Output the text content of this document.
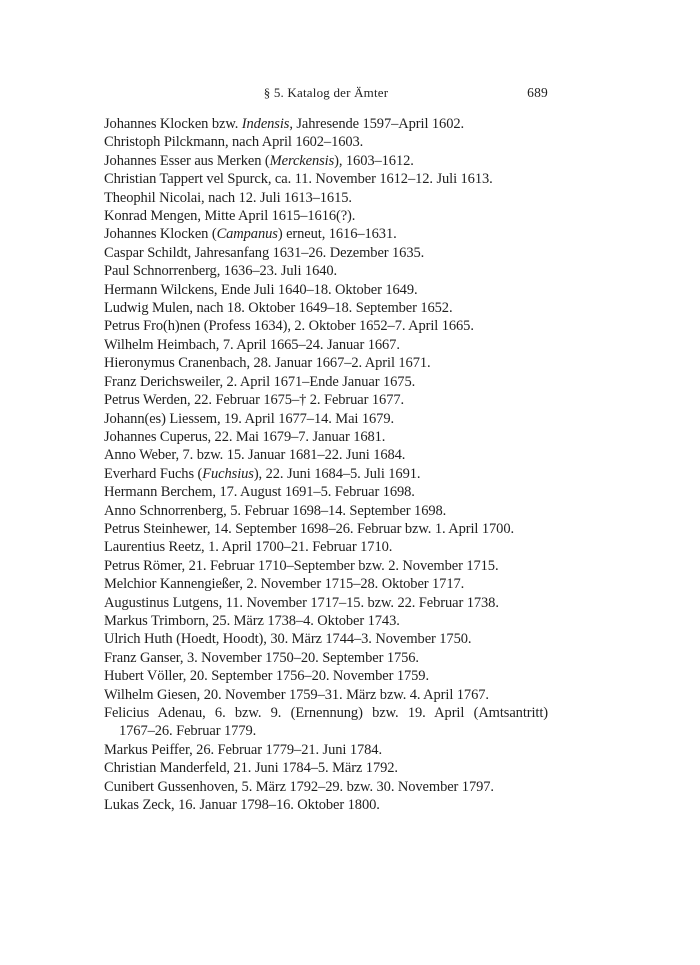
§ 5. Katalog der Ämter	689

Johannes Klocken bzw. Indensis, Jahresende 1597–April 1602.

Christoph Pilckmann, nach April 1602–1603.

Johannes Esser aus Merken (Merckensis), 1603–1612.

Christian Tappert vel Spurck, ca. 11. November 1612–12. Juli 1613.

Theophil Nicolai, nach 12. Juli 1613–1615.

Konrad Mengen, Mitte April 1615–1616(?).

Johannes Klocken (Campanus) erneut, 1616–1631.

Caspar Schildt, Jahresanfang 1631–26. Dezember 1635.

Paul Schnorrenberg, 1636–23. Juli 1640.

Hermann Wilckens, Ende Juli 1640–18. Oktober 1649.

Ludwig Mulen, nach 18. Oktober 1649–18. September 1652.

Petrus Fro(h)nen (Profess 1634), 2. Oktober 1652–7. April 1665.

Wilhelm Heimbach, 7. April 1665–24. Januar 1667.

Hieronymus Cranenbach, 28. Januar 1667–2. April 1671.

Franz Derichsweiler, 2. April 1671–Ende Januar 1675.

Petrus Werden, 22. Februar 1675–† 2. Februar 1677.

Johann(es) Liessem, 19. April 1677–14. Mai 1679.

Johannes Cuperus, 22. Mai 1679–7. Januar 1681.

Anno Weber, 7. bzw. 15. Januar 1681–22. Juni 1684.

Everhard Fuchs (Fuchsius), 22. Juni 1684–5. Juli 1691.

Hermann Berchem, 17. August 1691–5. Februar 1698.

Anno Schnorrenberg, 5. Februar 1698–14. September 1698.

Petrus Steinhewer, 14. September 1698–26. Februar bzw. 1. April 1700.

Laurentius Reetz, 1. April 1700–21. Februar 1710.

Petrus Römer, 21. Februar 1710–September bzw. 2. November 1715.

Melchior Kannengießer, 2. November 1715–28. Oktober 1717.

Augustinus Lutgens, 11. November 1717–15. bzw. 22. Februar 1738.

Markus Trimborn, 25. März 1738–4. Oktober 1743.

Ulrich Huth (Hoedt, Hoodt), 30. März 1744–3. November 1750.

Franz Ganser, 3. November 1750–20. September 1756.

Hubert Völler, 20. September 1756–20. November 1759.

Wilhelm Giesen, 20. November 1759–31. März bzw. 4. April 1767.

Felicius Adenau, 6. bzw. 9. (Ernennung) bzw. 19. April (Amtsantritt)
1767–26. Februar 1779.

Markus Peiffer, 26. Februar 1779–21. Juni 1784.

Christian Manderfeld, 21. Juni 1784–5. März 1792.

Cunibert Gussenhoven, 5. März 1792–29. bzw. 30. November 1797.

Lukas Zeck, 16. Januar 1798–16. Oktober 1800.
